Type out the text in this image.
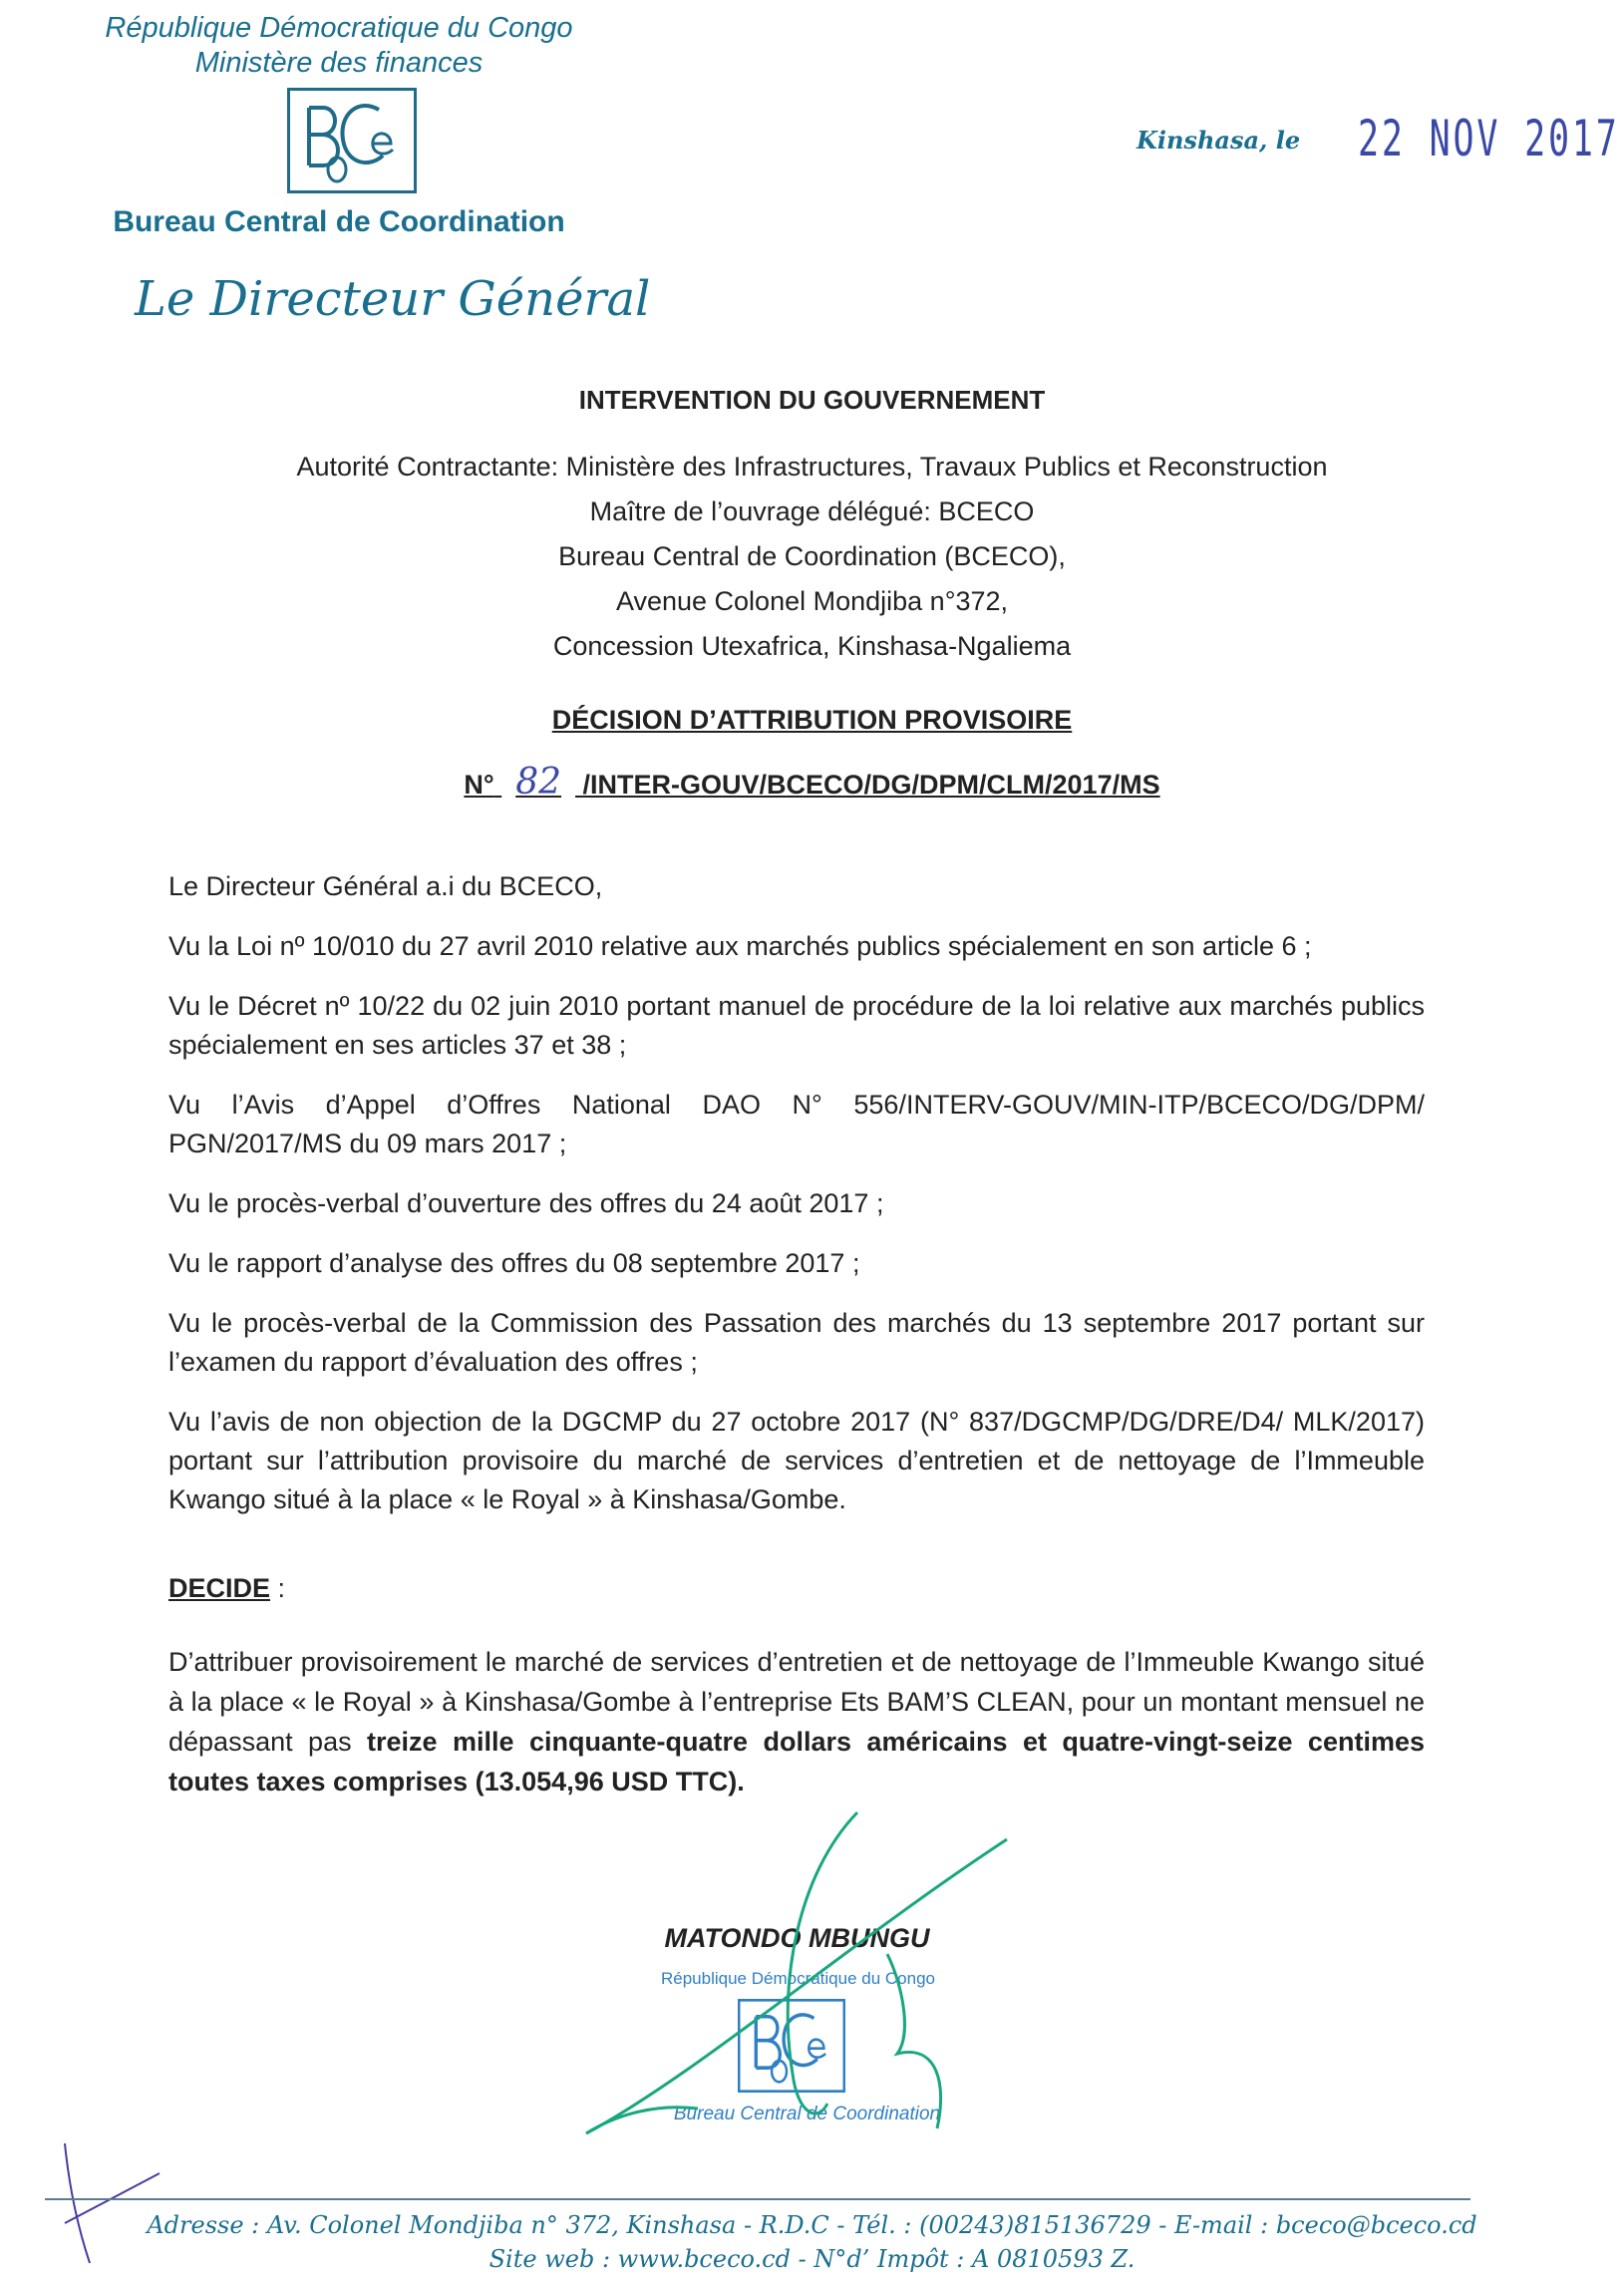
République Démocratique du Congo
Ministère des finances
Bureau Central de Coordination
Le Directeur Général
Kinshasa, le 22 NOV 2017
INTERVENTION DU GOUVERNEMENT
Autorité Contractante: Ministère des Infrastructures, Travaux Publics et Reconstruction
Maître de l’ouvrage délégué: BCECO
Bureau Central de Coordination (BCECO),
Avenue Colonel Mondjiba n°372,
Concession Utexafrica, Kinshasa-Ngaliema
DÉCISION D’ATTRIBUTION PROVISOIRE
N° 82 /INTER-GOUV/BCECO/DG/DPM/CLM/2017/MS

Le Directeur Général a.i du BCECO,

Vu la Loi nº 10/010 du 27 avril 2010 relative aux marchés publics spécialement en son article 6 ;

Vu le Décret nº 10/22 du 02 juin 2010 portant manuel de procédure de la loi relative aux marchés publics spécialement en ses articles 37 et 38 ;

Vu l’Avis d’Appel d’Offres National DAO N° 556/INTERV-GOUV/MIN-ITP/BCECO/DG/DPM/ PGN/2017/MS du 09 mars 2017 ;

Vu le procès-verbal d’ouverture des offres du 24 août 2017 ;

Vu le rapport d’analyse des offres du 08 septembre 2017 ;

Vu le procès-verbal de la Commission des Passation des marchés du 13 septembre 2017 portant sur l’examen du rapport d’évaluation des offres ;

Vu l’avis de non objection de la DGCMP du 27 octobre 2017 (N° 837/DGCMP/DG/DRE/D4/ MLK/2017) portant sur l’attribution provisoire du marché de services d’entretien et de nettoyage de l’Immeuble Kwango situé à la place « le Royal » à Kinshasa/Gombe.

DECIDE :

D’attribuer provisoirement le marché de services d’entretien et de nettoyage de l’Immeuble Kwango situé à la place « le Royal » à Kinshasa/Gombe à l’entreprise Ets BAM’S CLEAN, pour un montant mensuel ne dépassant pas treize mille cinquante-quatre dollars américains et quatre-vingt-seize centimes toutes taxes comprises (13.054,96 USD TTC).

MATONDO MBUNGU
République Démocratique du Congo
Bureau Central de Coordination
Adresse : Av. Colonel Mondjiba n° 372, Kinshasa - R.D.C - Tél. : (00243)815136729 - E-mail : bceco@bceco.cd
Site web : www.bceco.cd - N°d’ Impôt : A 0810593 Z.
